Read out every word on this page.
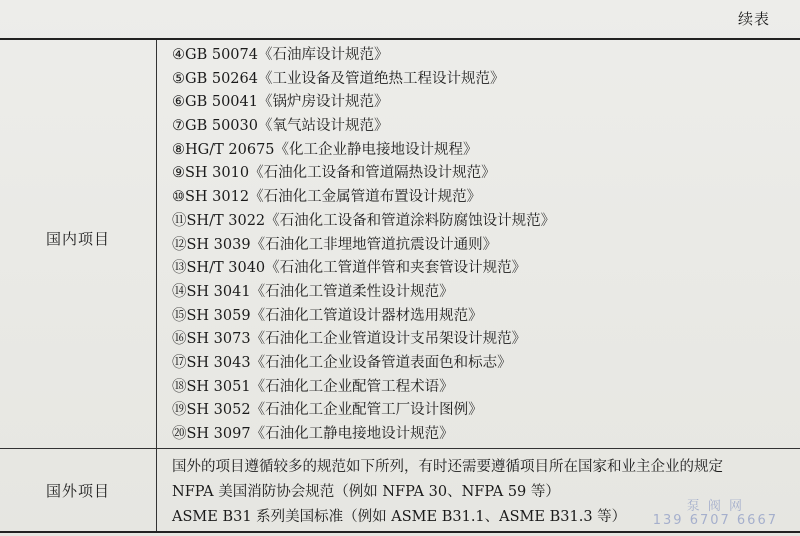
续表
国内项目
国外项目
④GB 50074《石油库设计规范》
⑤GB 50264《工业设备及管道绝热工程设计规范》
⑥GB 50041《锅炉房设计规范》
⑦GB 50030《氧气站设计规范》
⑧HG/T 20675《化工企业静电接地设计规程》
⑨SH 3010《石油化工设备和管道隔热设计规范》
⑩SH 3012《石油化工金属管道布置设计规范》
⑪SH/T 3022《石油化工设备和管道涂料防腐蚀设计规范》
⑫SH 3039《石油化工非埋地管道抗震设计通则》
⑬SH/T 3040《石油化工管道伴管和夹套管设计规范》
⑭SH 3041《石油化工管道柔性设计规范》
⑮SH 3059《石油化工管道设计器材选用规范》
⑯SH 3073《石油化工企业管道设计支吊架设计规范》
⑰SH 3043《石油化工企业设备管道表面色和标志》
⑱SH 3051《石油化工企业配管工程术语》
⑲SH 3052《石油化工企业配管工厂设计图例》
⑳SH 3097《石油化工静电接地设计规范》
国外的项目遵循较多的规范如下所列，有时还需要遵循项目所在国家和业主企业的规定
NFPA 美国消防协会规范（例如 NFPA 30、NFPA 59 等）
ASME B31 系列美国标准（例如 ASME B31.1、ASME B31.3 等）
泵 阀 网
139 6707 6667
